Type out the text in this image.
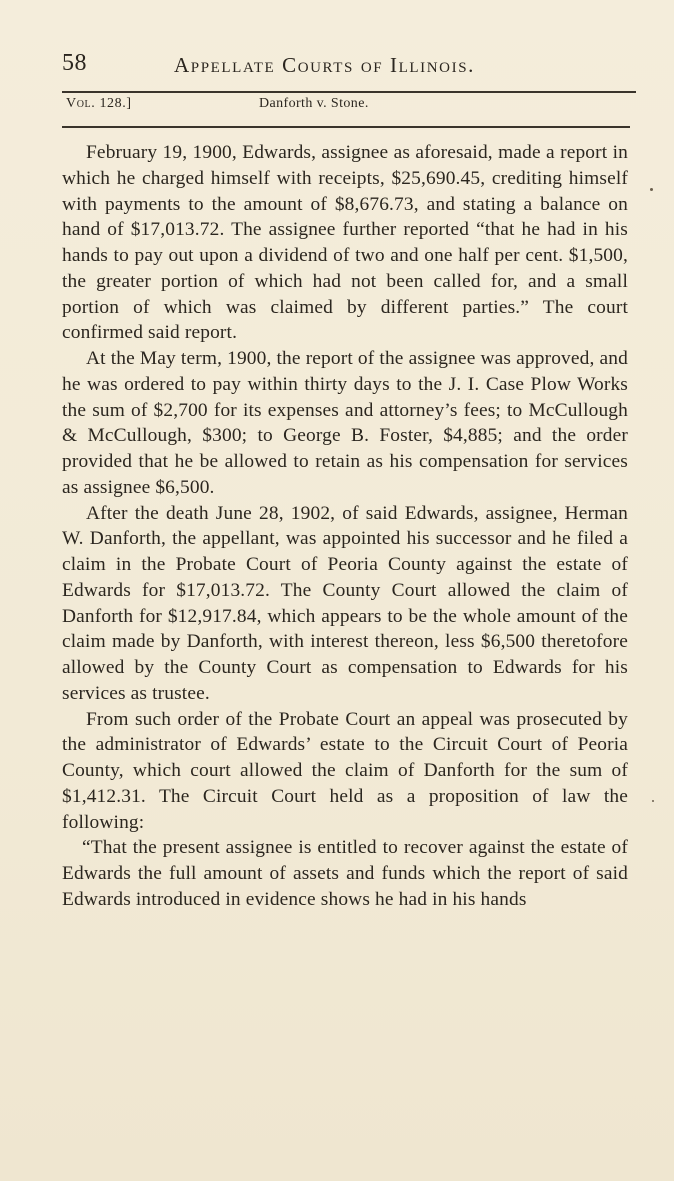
58	Appellate Courts of Illinois.
Vol. 128.]	Danforth v. Stone.

February 19, 1900, Edwards, assignee as aforesaid, made a report in which he charged himself with receipts, $25,690.45, crediting himself with payments to the amount of $8,676.73, and stating a balance on hand of $17,013.72. The assignee further reported “that he had in his hands to pay out upon a dividend of two and one half per cent. $1,500, the greater portion of which had not been called for, and a small portion of which was claimed by different parties.” The court confirmed said report.

At the May term, 1900, the report of the assignee was approved, and he was ordered to pay within thirty days to the J. I. Case Plow Works the sum of $2,700 for its expenses and attorney’s fees; to McCullough & McCullough, $300; to George B. Foster, $4,885; and the order provided that he be allowed to retain as his compensation for services as assignee $6,500.

After the death June 28, 1902, of said Edwards, assignee, Herman W. Danforth, the appellant, was appointed his successor and he filed a claim in the Probate Court of Peoria County against the estate of Edwards for $17,013.72. The County Court allowed the claim of Danforth for $12,917.84, which appears to be the whole amount of the claim made by Danforth, with interest thereon, less $6,500 theretofore allowed by the County Court as compensation to Edwards for his services as trustee.

From such order of the Probate Court an appeal was prosecuted by the administrator of Edwards’ estate to the Circuit Court of Peoria County, which court allowed the claim of Danforth for the sum of $1,412.31. The Circuit Court held as a proposition of law the following:

“That the present assignee is entitled to recover against the estate of Edwards the full amount of assets and funds which the report of said Edwards introduced in evidence shows he had in his hands
